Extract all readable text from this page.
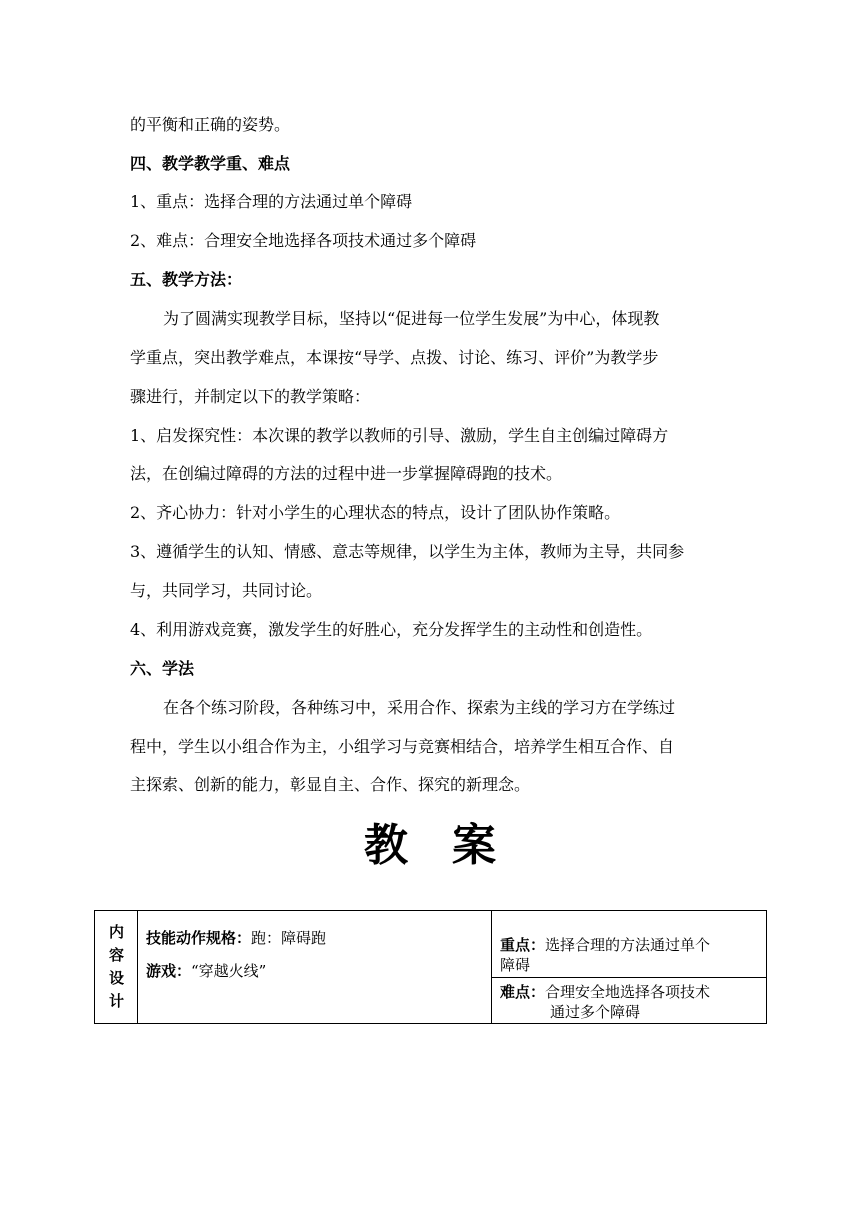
的平衡和正确的姿势。
四、教学教学重、难点
1、重点：选择合理的方法通过单个障碍
2、难点：合理安全地选择各项技术通过多个障碍
五、教学方法：
为了圆满实现教学目标，坚持以“促进每一位学生发展”为中心，体现教
学重点，突出教学难点，本课按“导学、点拨、讨论、练习、评价”为教学步
骤进行，并制定以下的教学策略：
1、启发探究性：本次课的教学以教师的引导、激励，学生自主创编过障碍方
法，在创编过障碍的方法的过程中进一步掌握障碍跑的技术。
2、齐心协力：针对小学生的心理状态的特点，设计了团队协作策略。
3、遵循学生的认知、情感、意志等规律，以学生为主体，教师为主导，共同参
与，共同学习，共同讨论。
4、利用游戏竞赛，激发学生的好胜心，充分发挥学生的主动性和创造性。
六、学法
在各个练习阶段，各种练习中，采用合作、探索为主线的学习方在学练过
程中，学生以小组合作为主，小组学习与竞赛相结合，培养学生相互合作、自
主探索、创新的能力，彰显自主、合作、探究的新理念。
教案
内容设计
技能动作规格：跑：障碍跑
游戏：“穿越火线”
重点：选择合理的方法通过单个
障碍
难点：合理安全地选择各项技术
通过多个障碍
